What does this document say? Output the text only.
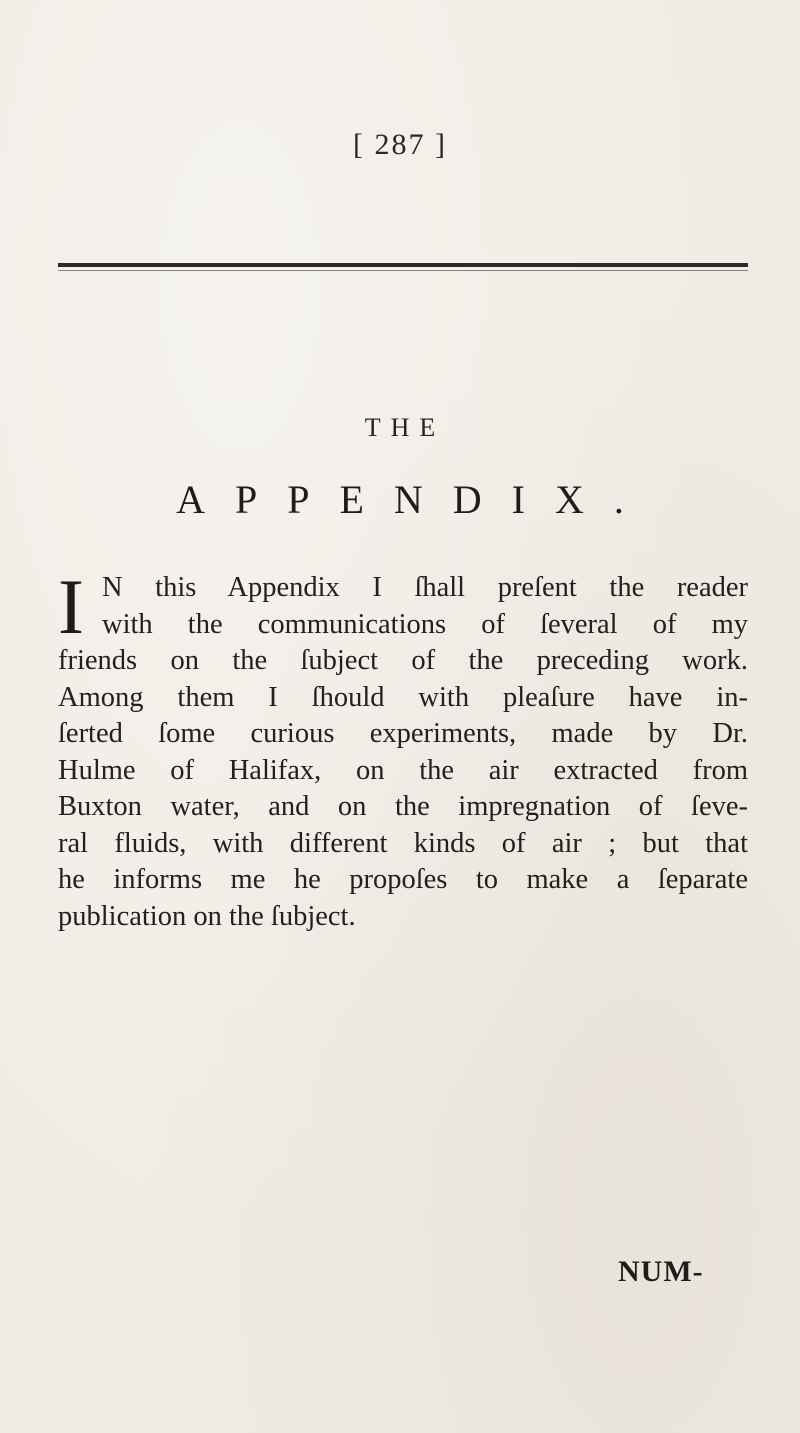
[ 287 ]
THE
APPENDIX.
I N this Appendix I ſhall preſent the reader
with the communications of ſeveral of my
friends on the ſubject of the preceding work.
Among them I ſhould with pleaſure have in-
ſerted ſome curious experiments, made by Dr.
Hulme of Halifax, on the air extracted from
Buxton water, and on the impregnation of ſeve-
ral fluids, with different kinds of air ; but that
he informs me he propoſes to make a ſeparate
publication on the ſubject.
NUM-
